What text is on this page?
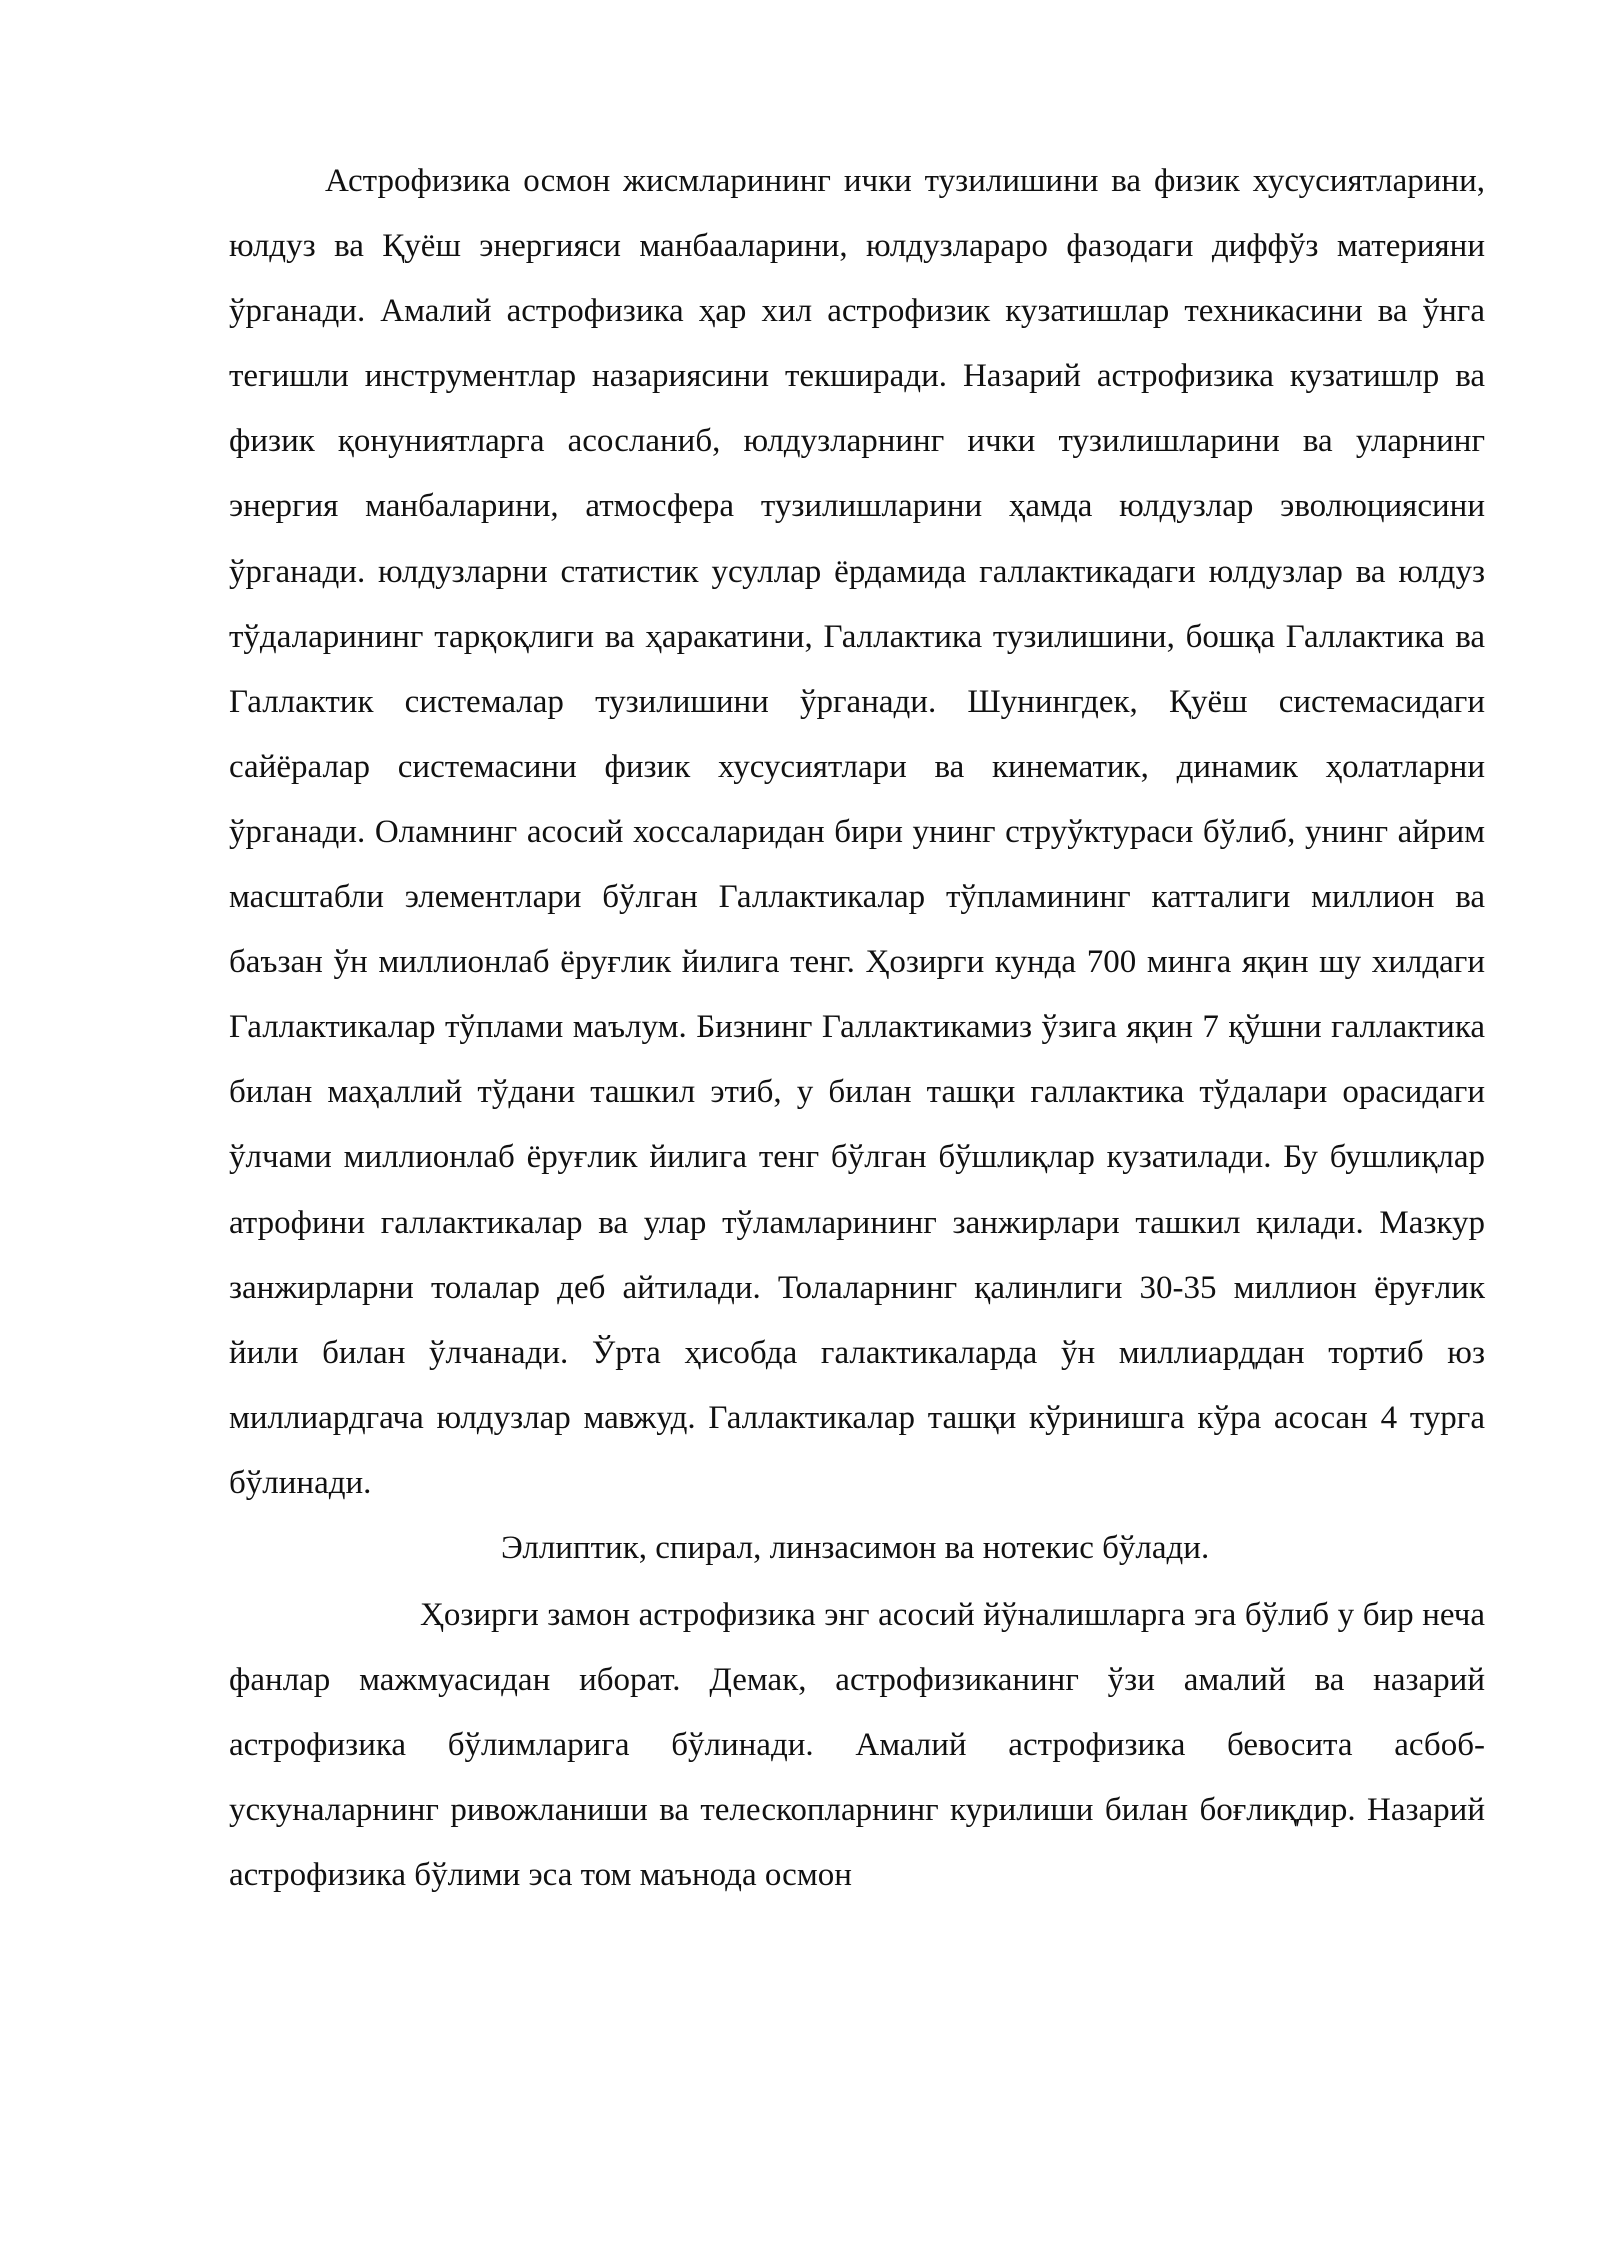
Астрофизика осмон жисмларининг ички тузилишини ва физик хусусиятларини, юлдуз ва Қуёш энергияси манбааларини, юлдузлараро фазодаги диффўз материяни ўрганади. Амалий астрофизика ҳар хил астрофизик кузатишлар техникасини ва ўнга тегишли инструментлар назариясини текширади. Назарий астрофизика кузатишлр ва физик қонуниятларга асосланиб, юлдузларнинг ички тузилишларини ва уларнинг энергия манбаларини, атмосфера тузилишларини ҳамда юлдузлар эволюциясини ўрганади. юлдузларни статистик усуллар ёрдамида галлактикадаги юлдузлар ва юлдуз тўдаларининг тарқоқлиги ва ҳаракатини, Галлактика тузилишини, бошқа Галлактика ва Галлактик системалар тузилишини ўрганади. Шунингдек, Қуёш системасидаги сайёралар системасини физик хусусиятлари ва кинематик, динамик ҳолатларни ўрганади. Оламнинг асосий хоссаларидан бири унинг струўктураси бўлиб, унинг айрим масштабли элементлари бўлган Галлактикалар тўпламининг катталиги миллион ва баъзан ўн миллионлаб ёруғлик йилига тенг. Ҳозирги кунда 700 минга яқин шу хилдаги Галлактикалар тўплами маълум. Бизнинг Галлактикамиз ўзига яқин 7 қўшни галлактика билан маҳаллий тўдани ташкил этиб, у билан ташқи галлактика тўдалари орасидаги ўлчами миллионлаб ёруғлик йилига тенг бўлган бўшлиқлар кузатилади. Бу бушлиқлар атрофини галлактикалар ва улар тўламларининг занжирлари ташкил қилади. Мазкур занжирларни толалар деб айтилади. Толаларнинг қалинлиги 30-35 миллион ёруғлик йили билан ўлчанади. Ўрта ҳисобда галактикаларда ўн миллиарддан тортиб юз миллиардгача юлдузлар мавжуд. Галлактикалар ташқи кўринишга кўра асосан 4 турга бўлинади.

Эллиптик, спирал, линзасимон ва нотекис бўлади.

Ҳозирги замон астрофизика энг асосий йўналишларга эга бўлиб у бир неча фанлар мажмуасидан иборат. Демак, астрофизиканинг ўзи амалий ва назарий астрофизика бўлимларига бўлинади. Амалий астрофизика бевосита асбоб-ускуналарнинг ривожланиши ва телескопларнинг курилиши билан боғлиқдир. Назарий астрофизика бўлими эса том маънода осмон
